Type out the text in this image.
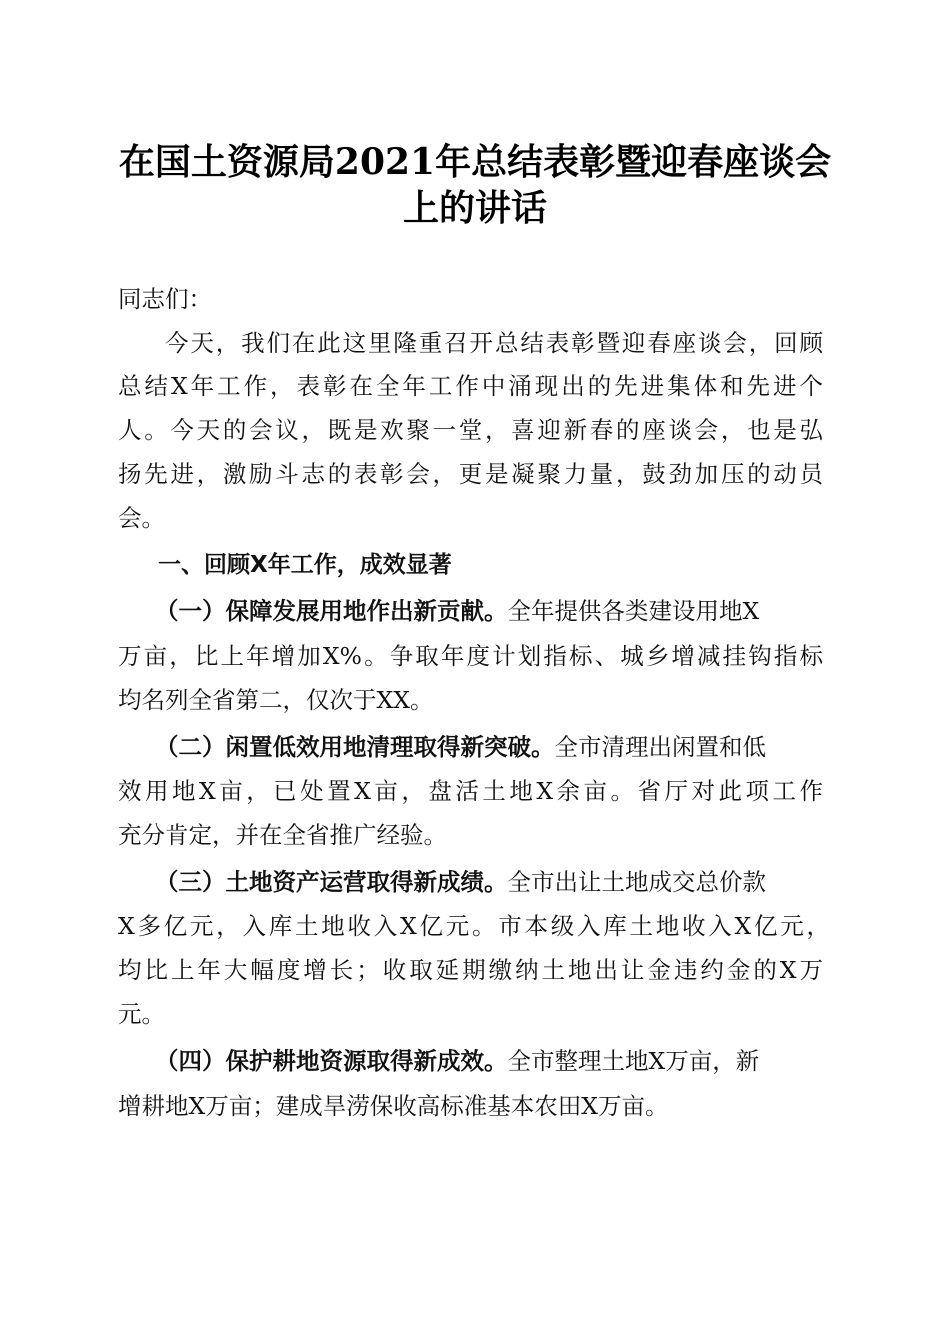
在国土资源局2021年总结表彰暨迎春座谈会
上的讲话
同志们：
今天，我们在此这里隆重召开总结表彰暨迎春座谈会，回顾
总结X年工作，表彰在全年工作中涌现出的先进集体和先进个
人。今天的会议，既是欢聚一堂，喜迎新春的座谈会，也是弘
扬先进，激励斗志的表彰会，更是凝聚力量，鼓劲加压的动员
会。
一、回顾X年工作，成效显著
（一）保障发展用地作出新贡献。全年提供各类建设用地X
万亩，比上年增加X%。争取年度计划指标、城乡增减挂钩指标
均名列全省第二，仅次于XX。
（二）闲置低效用地清理取得新突破。全市清理出闲置和低
效用地X亩，已处置X亩，盘活土地X余亩。省厅对此项工作
充分肯定，并在全省推广经验。
（三）土地资产运营取得新成绩。全市出让土地成交总价款
X多亿元，入库土地收入X亿元。市本级入库土地收入X亿元，
均比上年大幅度增长；收取延期缴纳土地出让金违约金的X万
元。
（四）保护耕地资源取得新成效。全市整理土地X万亩，新
增耕地X万亩；建成旱涝保收高标准基本农田X万亩。
